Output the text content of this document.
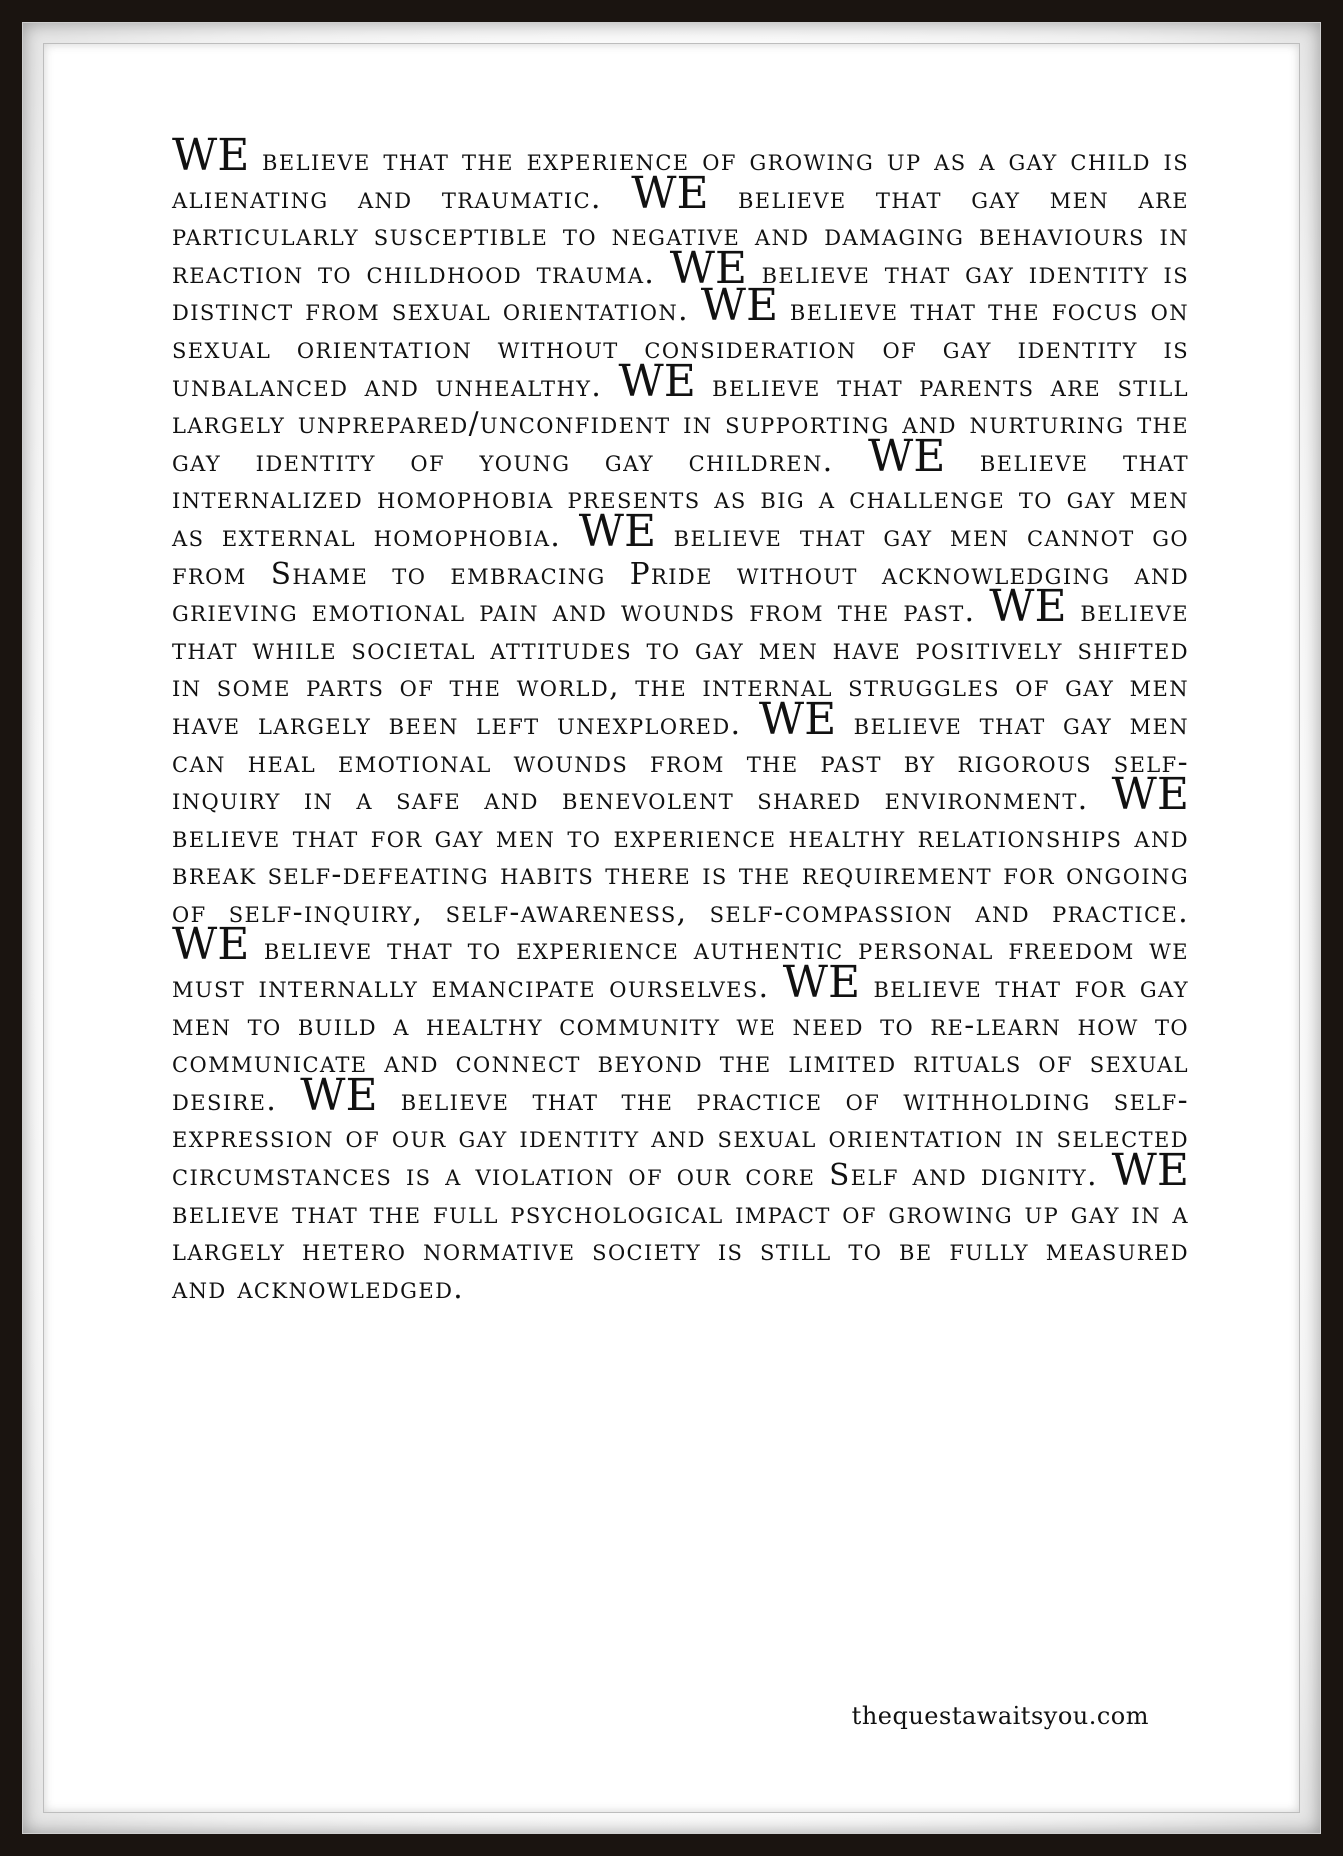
WE believe that the experience of growing up as a gay child is alienating and traumatic. WE believe that gay men are particularly susceptible to negative and damaging behaviours in reaction to childhood trauma. WE believe that gay identity is distinct from sexual orientation. WE believe that the focus on sexual orientation without consideration of gay identity is unbalanced and unhealthy. WE believe that parents are still largely unprepared/unconfident in supporting and nurturing the gay identity of young gay children. WE believe that internalized homophobia presents as big a challenge to gay men as external homophobia. WE believe that gay men cannot go from Shame to embracing Pride without acknowledging and grieving emotional pain and wounds from the past. WE believe that while societal attitudes to gay men have positively shifted in some parts of the world, the internal struggles of gay men have largely been left unexplored. WE believe that gay men can heal emotional wounds from the past by rigorous self-inquiry in a safe and benevolent shared environment. WE believe that for gay men to experience healthy relationships and break self-defeating habits there is the requirement for ongoing of self-inquiry, self-awareness, self-compassion and practice. WE believe that to experience authentic personal freedom we must internally emancipate ourselves. WE believe that for gay men to build a healthy community we need to re-learn how to communicate and connect beyond the limited rituals of sexual desire. WE believe that the practice of withholding self-expression of our gay identity and sexual orientation in selected circumstances is a violation of our core Self and dignity. WE believe that the full psychological impact of growing up gay in a largely hetero normative society is still to be fully measured and acknowledged.

thequestawaitsyou.com
